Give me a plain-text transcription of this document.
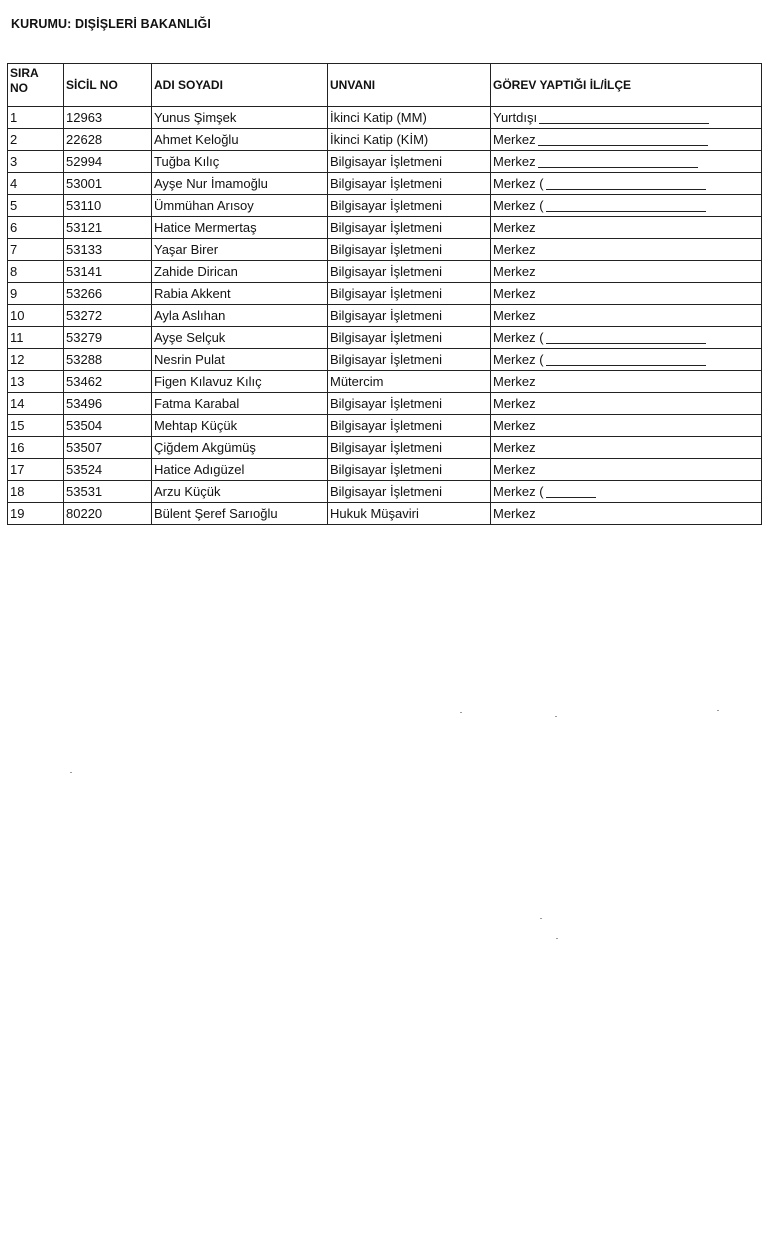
KURUMU: DIŞİŞLERİ BAKANLIĞI
SIRA
NO	SİCİL NO	ADI SOYADI	UNVANI	GÖREV YAPTIĞI İL/İLÇE
1	12963	Yunus Şimşek	İkinci Katip (MM)	Yurtdışı
2	22628	Ahmet Keloğlu	İkinci Katip (KİM)	Merkez
3	52994	Tuğba Kılıç	Bilgisayar İşletmeni	Merkez
4	53001	Ayşe Nur İmamoğlu	Bilgisayar İşletmeni	Merkez (
5	53110	Ümmühan Arısoy	Bilgisayar İşletmeni	Merkez (
6	53121	Hatice Mermertaş	Bilgisayar İşletmeni	Merkez
7	53133	Yaşar Birer	Bilgisayar İşletmeni	Merkez
8	53141	Zahide Dirican	Bilgisayar İşletmeni	Merkez
9	53266	Rabia Akkent	Bilgisayar İşletmeni	Merkez
10	53272	Ayla Aslıhan	Bilgisayar İşletmeni	Merkez
11	53279	Ayşe Selçuk	Bilgisayar İşletmeni	Merkez (
12	53288	Nesrin Pulat	Bilgisayar İşletmeni	Merkez (
13	53462	Figen Kılavuz Kılıç	Mütercim	Merkez
14	53496	Fatma Karabal	Bilgisayar İşletmeni	Merkez
15	53504	Mehtap Küçük	Bilgisayar İşletmeni	Merkez
16	53507	Çiğdem Akgümüş	Bilgisayar İşletmeni	Merkez
17	53524	Hatice Adıgüzel	Bilgisayar İşletmeni	Merkez
18	53531	Arzu Küçük	Bilgisayar İşletmeni	Merkez (
19	80220	Bülent Şeref Sarıoğlu	Hukuk Müşaviri	Merkez
